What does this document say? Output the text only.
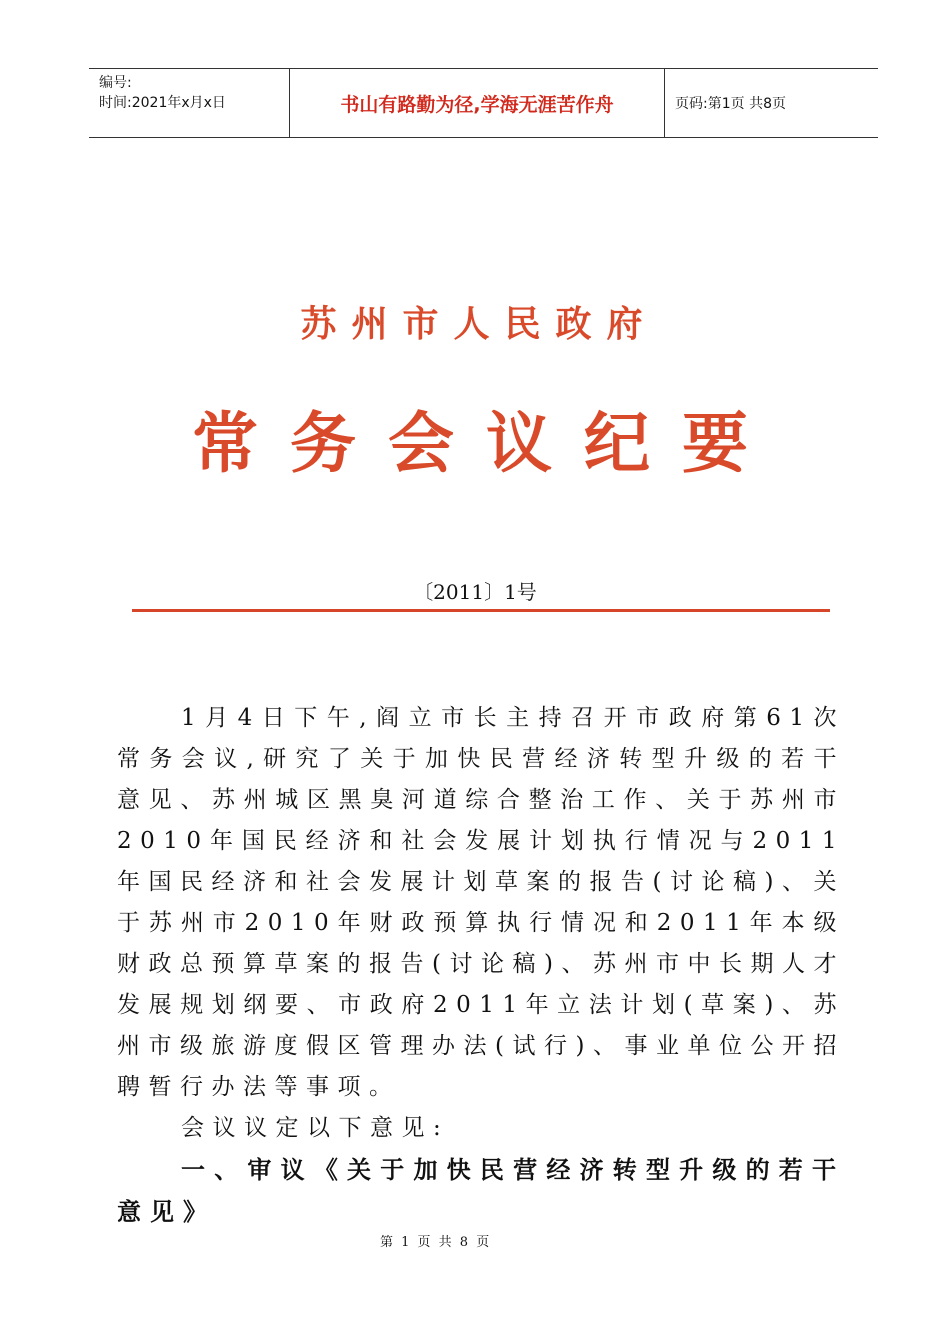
编号:
时间:2021年x月x日	书山有路勤为径,学海无涯苦作舟	页码:第1页 共8页
苏州市人民政府
常务会议纪要
〔2011〕1号

1月4日下午,阎立市长主持召开市政府第61次常务会议,研究了关于加快民营经济转型升级的若干意见、苏州城区黑臭河道综合整治工作、关于苏州市2010年国民经济和社会发展计划执行情况与2011年国民经济和社会发展计划草案的报告(讨论稿)、关于苏州市2010年财政预算执行情况和2011年本级财政总预算草案的报告(讨论稿)、苏州市中长期人才发展规划纲要、市政府2011年立法计划(草案)、苏州市级旅游度假区管理办法(试行)、事业单位公开招聘暂行办法等事项。

会议议定以下意见:

一、审议《关于加快民营经济转型升级的若干意见》

第 1 页 共 8 页
